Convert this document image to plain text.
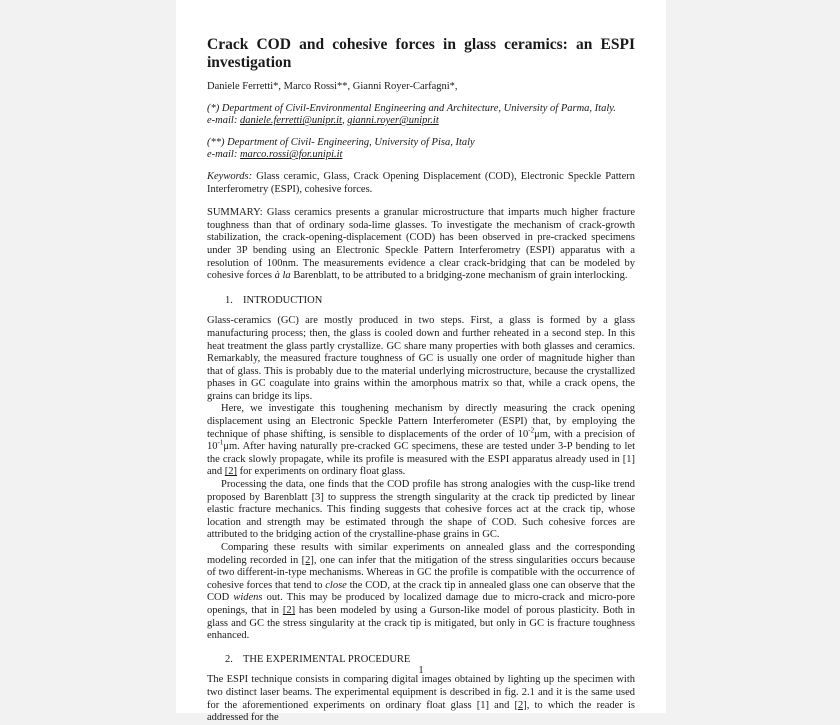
Crack COD and cohesive forces in glass ceramics: an ESPI investigation
Daniele Ferretti*, Marco Rossi**, Gianni Royer-Carfagni*,
(*) Department of Civil-Environmental Engineering and Architecture, University of Parma, Italy.
e-mail: daniele.ferretti@unipr.it, gianni.royer@unipr.it
(**) Department of Civil- Engineering, University of Pisa, Italy
e-mail: marco.rossi@for.unipi.it
Keywords: Glass ceramic, Glass, Crack Opening Displacement (COD), Electronic Speckle Pattern Interferometry (ESPI), cohesive forces.
SUMMARY: Glass ceramics presents a granular microstructure that imparts much higher fracture toughness than that of ordinary soda-lime glasses. To investigate the mechanism of crack-growth stabilization, the crack-opening-displacement (COD) has been observed in pre-cracked specimens under 3P bending using an Electronic Speckle Pattern Interferometry (ESPI) apparatus with a resolution of 100nm. The measurements evidence a clear crack-bridging that can be modeled by cohesive forces à la Barenblatt, to be attributed to a bridging-zone mechanism of grain interlocking.
1. INTRODUCTION

Glass-ceramics (GC) are mostly produced in two steps. First, a glass is formed by a glass manufacturing process; then, the glass is cooled down and further reheated in a second step. In this heat treatment the glass partly crystallize. GC share many properties with both glasses and ceramics. Remarkably, the measured fracture toughness of GC is usually one order of magnitude higher than that of glass. This is probably due to the material underlying microstructure, because the crystallized phases in GC coagulate into grains within the amorphous matrix so that, while a crack opens, the grains can bridge its lips.

Here, we investigate this toughening mechanism by directly measuring the crack opening displacement using an Electronic Speckle Pattern Interferometer (ESPI) that, by employing the technique of phase shifting, is sensible to displacements of the order of $10^{-2}\mu m$, with a precision of $10^{-1}\mu m$. After having naturally pre-cracked GC specimens, these are tested under 3-P bending to let the crack slowly propagate, while its profile is measured with the ESPI apparatus already used in [1] and [2] for experiments on ordinary float glass.

Processing the data, one finds that the COD profile has strong analogies with the cusp-like trend proposed by Barenblatt [3] to suppress the strength singularity at the crack tip predicted by linear elastic fracture mechanics. This finding suggests that cohesive forces act at the crack tip, whose location and strength may be estimated through the shape of COD. Such cohesive forces are attributed to the bridging action of the crystalline-phase grains in GC.

Comparing these results with similar experiments on annealed glass and the corresponding modeling recorded in [2], one can infer that the mitigation of the stress singularities occurs because of two different-in-type mechanisms. Whereas in GC the profile is compatible with the occurrence of cohesive forces that tend to close the COD, at the crack tip in annealed glass one can observe that the COD widens out. This may be produced by localized damage due to micro-crack and micro-pore openings, that in [2] has been modeled by using a Gurson-like model of porous plasticity. Both in glass and GC the stress singularity at the crack tip is mitigated, but only in GC is fracture toughness enhanced.

2. THE EXPERIMENTAL PROCEDURE

The ESPI technique consists in comparing digital images obtained by lighting up the specimen with two distinct laser beams. The experimental equipment is described in fig. 2.1 and it is the same used for the aforementioned experiments on ordinary float glass [1] and [2], to which the reader is addressed for the

1
